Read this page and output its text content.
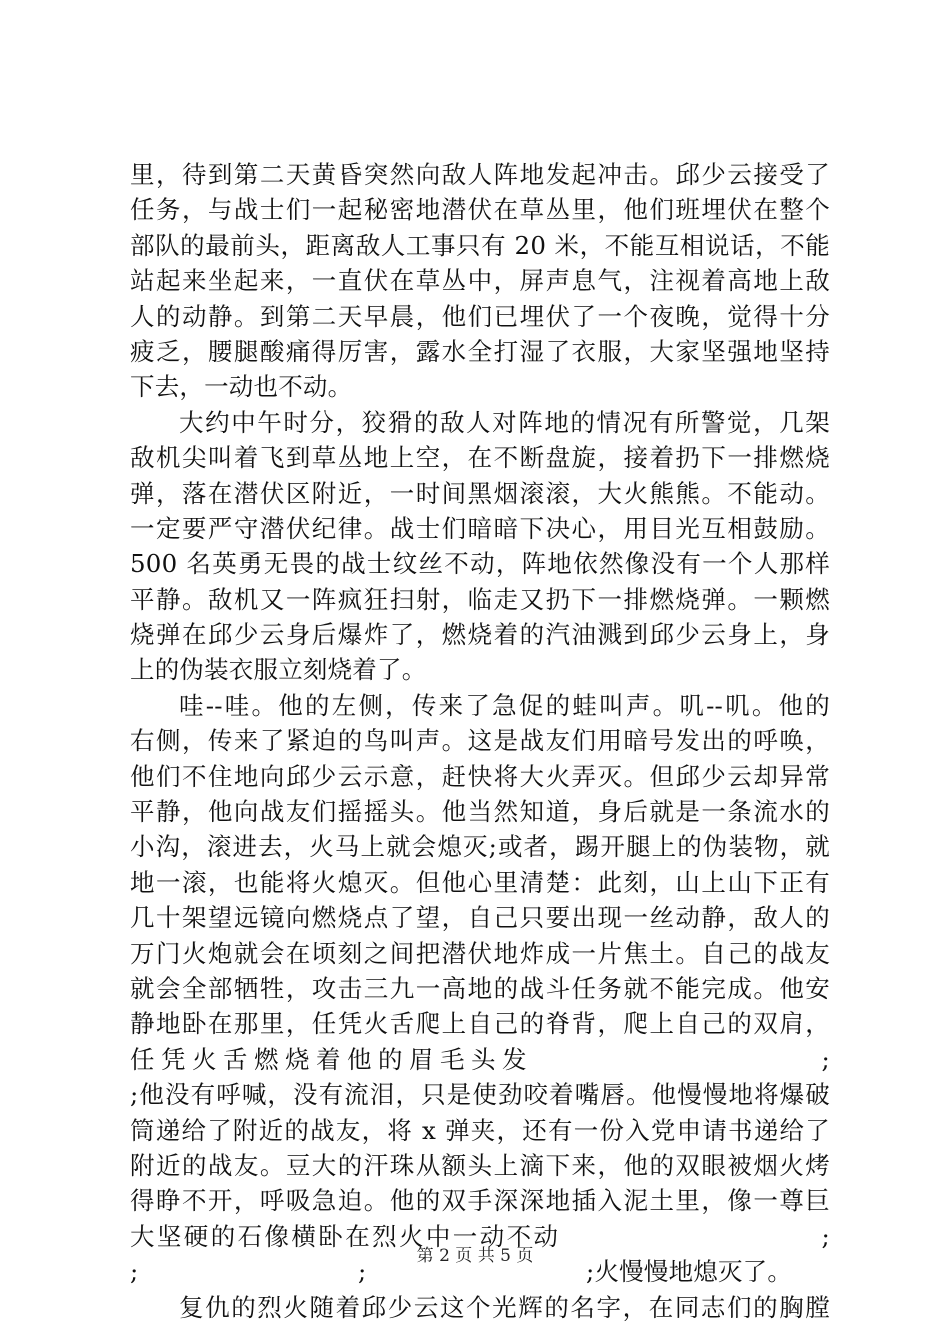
里，待到第二天黄昏突然向敌人阵地发起冲击。邱少云接受了
任务，与战士们一起秘密地潜伏在草丛里，他们班埋伏在整个
部队的最前头，距离敌人工事只有 20 米，不能互相说话，不能
站起来坐起来，一直伏在草丛中，屏声息气，注视着高地上敌
人的动静。到第二天早晨，他们已埋伏了一个夜晚，觉得十分
疲乏，腰腿酸痛得厉害，露水全打湿了衣服，大家坚强地坚持
下去，一动也不动。
大约中午时分，狡猾的敌人对阵地的情况有所警觉，几架
敌机尖叫着飞到草丛地上空，在不断盘旋，接着扔下一排燃烧
弹，落在潜伏区附近，一时间黑烟滚滚，大火熊熊。不能动。
一定要严守潜伏纪律。战士们暗暗下决心，用目光互相鼓励。
500 名英勇无畏的战士纹丝不动，阵地依然像没有一个人那样
平静。敌机又一阵疯狂扫射，临走又扔下一排燃烧弹。一颗燃
烧弹在邱少云身后爆炸了，燃烧着的汽油溅到邱少云身上，身
上的伪装衣服立刻烧着了。
哇--哇。他的左侧，传来了急促的蛙叫声。叽--叽。他的
右侧，传来了紧迫的鸟叫声。这是战友们用暗号发出的呼唤，
他们不住地向邱少云示意，赶快将大火弄灭。但邱少云却异常
平静，他向战友们摇摇头。他当然知道，身后就是一条流水的
小沟，滚进去，火马上就会熄灭;或者，踢开腿上的伪装物，就
地一滚，也能将火熄灭。但他心里清楚：此刻，山上山下正有
几十架望远镜向燃烧点了望，自己只要出现一丝动静，敌人的
万门火炮就会在顷刻之间把潜伏地炸成一片焦土。自己的战友
就会全部牺牲，攻击三九一高地的战斗任务就不能完成。他安
静地卧在那里，任凭火舌爬上自己的脊背，爬上自己的双肩，
任凭火舌燃烧着他的眉毛头发	;
;他没有呼喊，没有流泪，只是使劲咬着嘴唇。他慢慢地将爆破
筒递给了附近的战友，将 x 弹夹，还有一份入党申请书递给了
附近的战友。豆大的汗珠从额头上滴下来，他的双眼被烟火烤
得睁不开，呼吸急迫。他的双手深深地插入泥土里，像一尊巨
大坚硬的石像横卧在烈火中一动不动	;
;	;	;火慢慢地熄灭了。
复仇的烈火随着邱少云这个光辉的名字，在同志们的胸膛
第 2 页 共 5 页
